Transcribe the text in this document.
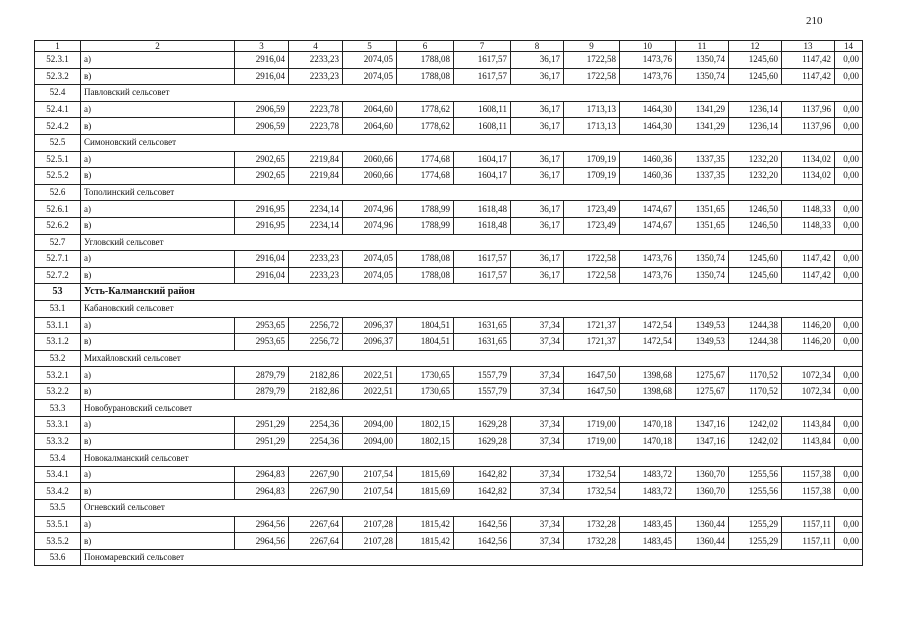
210
1	2	3	4	5	6	7	8	9	10	11	12	13	14
52.3.1	а)	2916,04	2233,23	2074,05	1788,08	1617,57	36,17	1722,58	1473,76	1350,74	1245,60	1147,42	0,00
52.3.2	в)	2916,04	2233,23	2074,05	1788,08	1617,57	36,17	1722,58	1473,76	1350,74	1245,60	1147,42	0,00
52.4	Павловский сельсовет												
52.4.1	а)	2906,59	2223,78	2064,60	1778,62	1608,11	36,17	1713,13	1464,30	1341,29	1236,14	1137,96	0,00
52.4.2	в)	2906,59	2223,78	2064,60	1778,62	1608,11	36,17	1713,13	1464,30	1341,29	1236,14	1137,96	0,00
52.5	Симоновский сельсовет												
52.5.1	а)	2902,65	2219,84	2060,66	1774,68	1604,17	36,17	1709,19	1460,36	1337,35	1232,20	1134,02	0,00
52.5.2	в)	2902,65	2219,84	2060,66	1774,68	1604,17	36,17	1709,19	1460,36	1337,35	1232,20	1134,02	0,00
52.6	Тополинский сельсовет												
52.6.1	а)	2916,95	2234,14	2074,96	1788,99	1618,48	36,17	1723,49	1474,67	1351,65	1246,50	1148,33	0,00
52.6.2	в)	2916,95	2234,14	2074,96	1788,99	1618,48	36,17	1723,49	1474,67	1351,65	1246,50	1148,33	0,00
52.7	Угловский сельсовет												
52.7.1	а)	2916,04	2233,23	2074,05	1788,08	1617,57	36,17	1722,58	1473,76	1350,74	1245,60	1147,42	0,00
52.7.2	в)	2916,04	2233,23	2074,05	1788,08	1617,57	36,17	1722,58	1473,76	1350,74	1245,60	1147,42	0,00
53	Усть-Калманский район												
53.1	Кабановский сельсовет												
53.1.1	а)	2953,65	2256,72	2096,37	1804,51	1631,65	37,34	1721,37	1472,54	1349,53	1244,38	1146,20	0,00
53.1.2	в)	2953,65	2256,72	2096,37	1804,51	1631,65	37,34	1721,37	1472,54	1349,53	1244,38	1146,20	0,00
53.2	Михайловский сельсовет												
53.2.1	а)	2879,79	2182,86	2022,51	1730,65	1557,79	37,34	1647,50	1398,68	1275,67	1170,52	1072,34	0,00
53.2.2	в)	2879,79	2182,86	2022,51	1730,65	1557,79	37,34	1647,50	1398,68	1275,67	1170,52	1072,34	0,00
53.3	Новобурановский сельсовет												
53.3.1	а)	2951,29	2254,36	2094,00	1802,15	1629,28	37,34	1719,00	1470,18	1347,16	1242,02	1143,84	0,00
53.3.2	в)	2951,29	2254,36	2094,00	1802,15	1629,28	37,34	1719,00	1470,18	1347,16	1242,02	1143,84	0,00
53.4	Новокалманский сельсовет												
53.4.1	а)	2964,83	2267,90	2107,54	1815,69	1642,82	37,34	1732,54	1483,72	1360,70	1255,56	1157,38	0,00
53.4.2	в)	2964,83	2267,90	2107,54	1815,69	1642,82	37,34	1732,54	1483,72	1360,70	1255,56	1157,38	0,00
53.5	Огневский сельсовет												
53.5.1	а)	2964,56	2267,64	2107,28	1815,42	1642,56	37,34	1732,28	1483,45	1360,44	1255,29	1157,11	0,00
53.5.2	в)	2964,56	2267,64	2107,28	1815,42	1642,56	37,34	1732,28	1483,45	1360,44	1255,29	1157,11	0,00
53.6	Пономаревский сельсовет												
